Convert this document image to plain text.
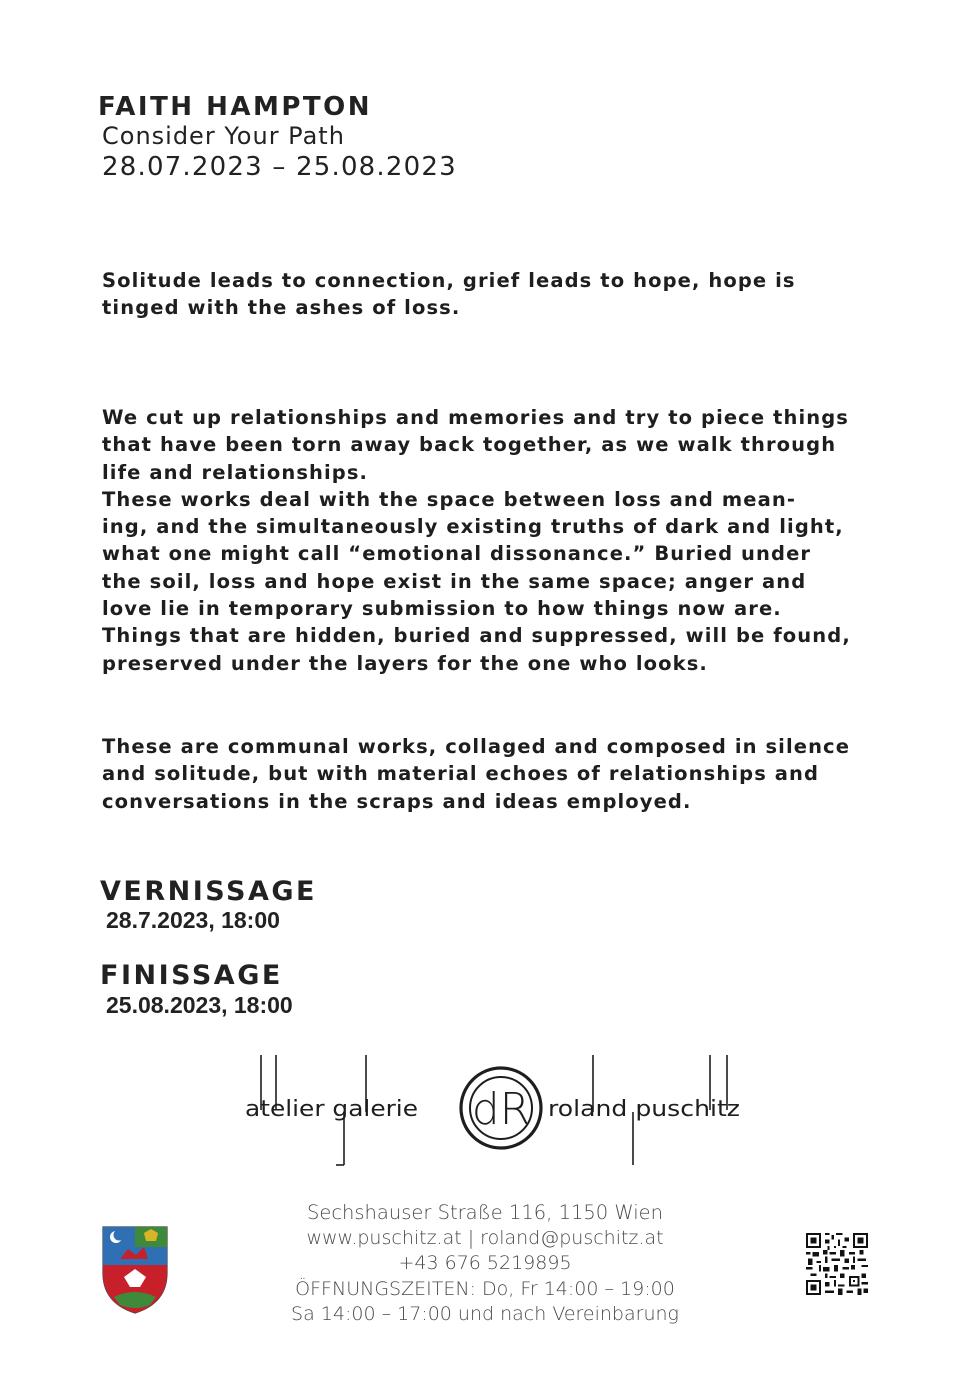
FAITH HAMPTON
Consider Your Path
28.07.2023 – 25.08.2023
Solitude leads to connection, grief leads to hope, hope is
tinged with the ashes of loss.
We cut up relationships and memories and try to piece things
that have been torn away back together, as we walk through
life and relationships.
These works deal with the space between loss and mean-
ing, and the simultaneously existing truths of dark and light,
what one might call “emotional dissonance.” Buried under
the soil, loss and hope exist in the same space; anger and
love lie in temporary submission to how things now are.
Things that are hidden, buried and suppressed, will be found,
preserved under the layers for the one who looks.
These are communal works, collaged and composed in silence
and solitude, but with material echoes of relationships and
conversations in the scraps and ideas employed.
VERNISSAGE
28.7.2023, 18:00
FINISSAGE
25.08.2023, 18:00
atelier galerie dR roland puschitz
Sechshauser Straße 116, 1150 Wien
www.puschitz.at | roland@puschitz.at
+43 676 5219895
ÖFFNUNGSZEITEN: Do, Fr 14:00 – 19:00
Sa 14:00 – 17:00 und nach Vereinbarung
